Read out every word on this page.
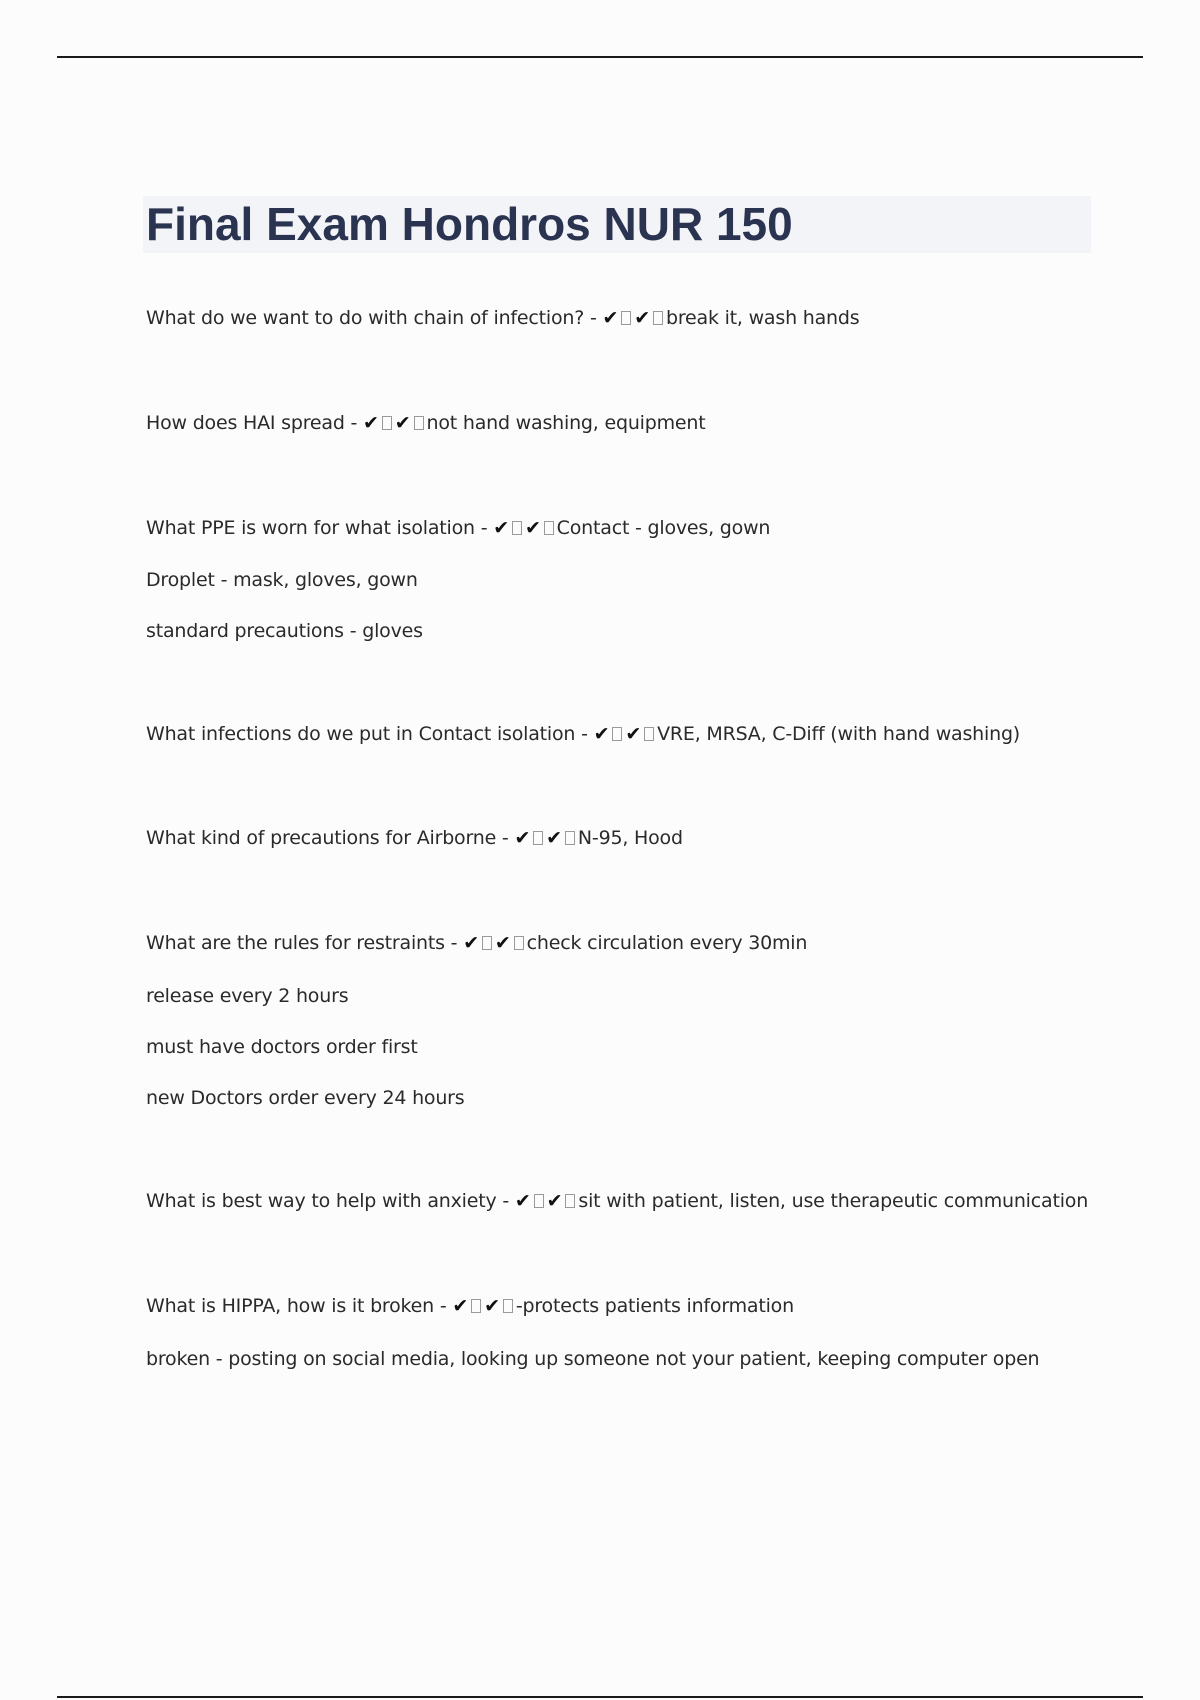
Final Exam Hondros NUR 150
What do we want to do with chain of infection? - ✔ ✔ break it, wash hands
How does HAI spread - ✔ ✔ not hand washing, equipment
What PPE is worn for what isolation - ✔ ✔ Contact - gloves, gown
Droplet - mask, gloves, gown
standard precautions - gloves
What infections do we put in Contact isolation - ✔ ✔ VRE, MRSA, C-Diff (with hand washing)
What kind of precautions for Airborne - ✔ ✔ N-95, Hood
What are the rules for restraints - ✔ ✔ check circulation every 30min
release every 2 hours
must have doctors order first
new Doctors order every 24 hours
What is best way to help with anxiety - ✔ ✔ sit with patient, listen, use therapeutic communication
What is HIPPA, how is it broken - ✔ ✔ -protects patients information
broken - posting on social media, looking up someone not your patient, keeping computer open
